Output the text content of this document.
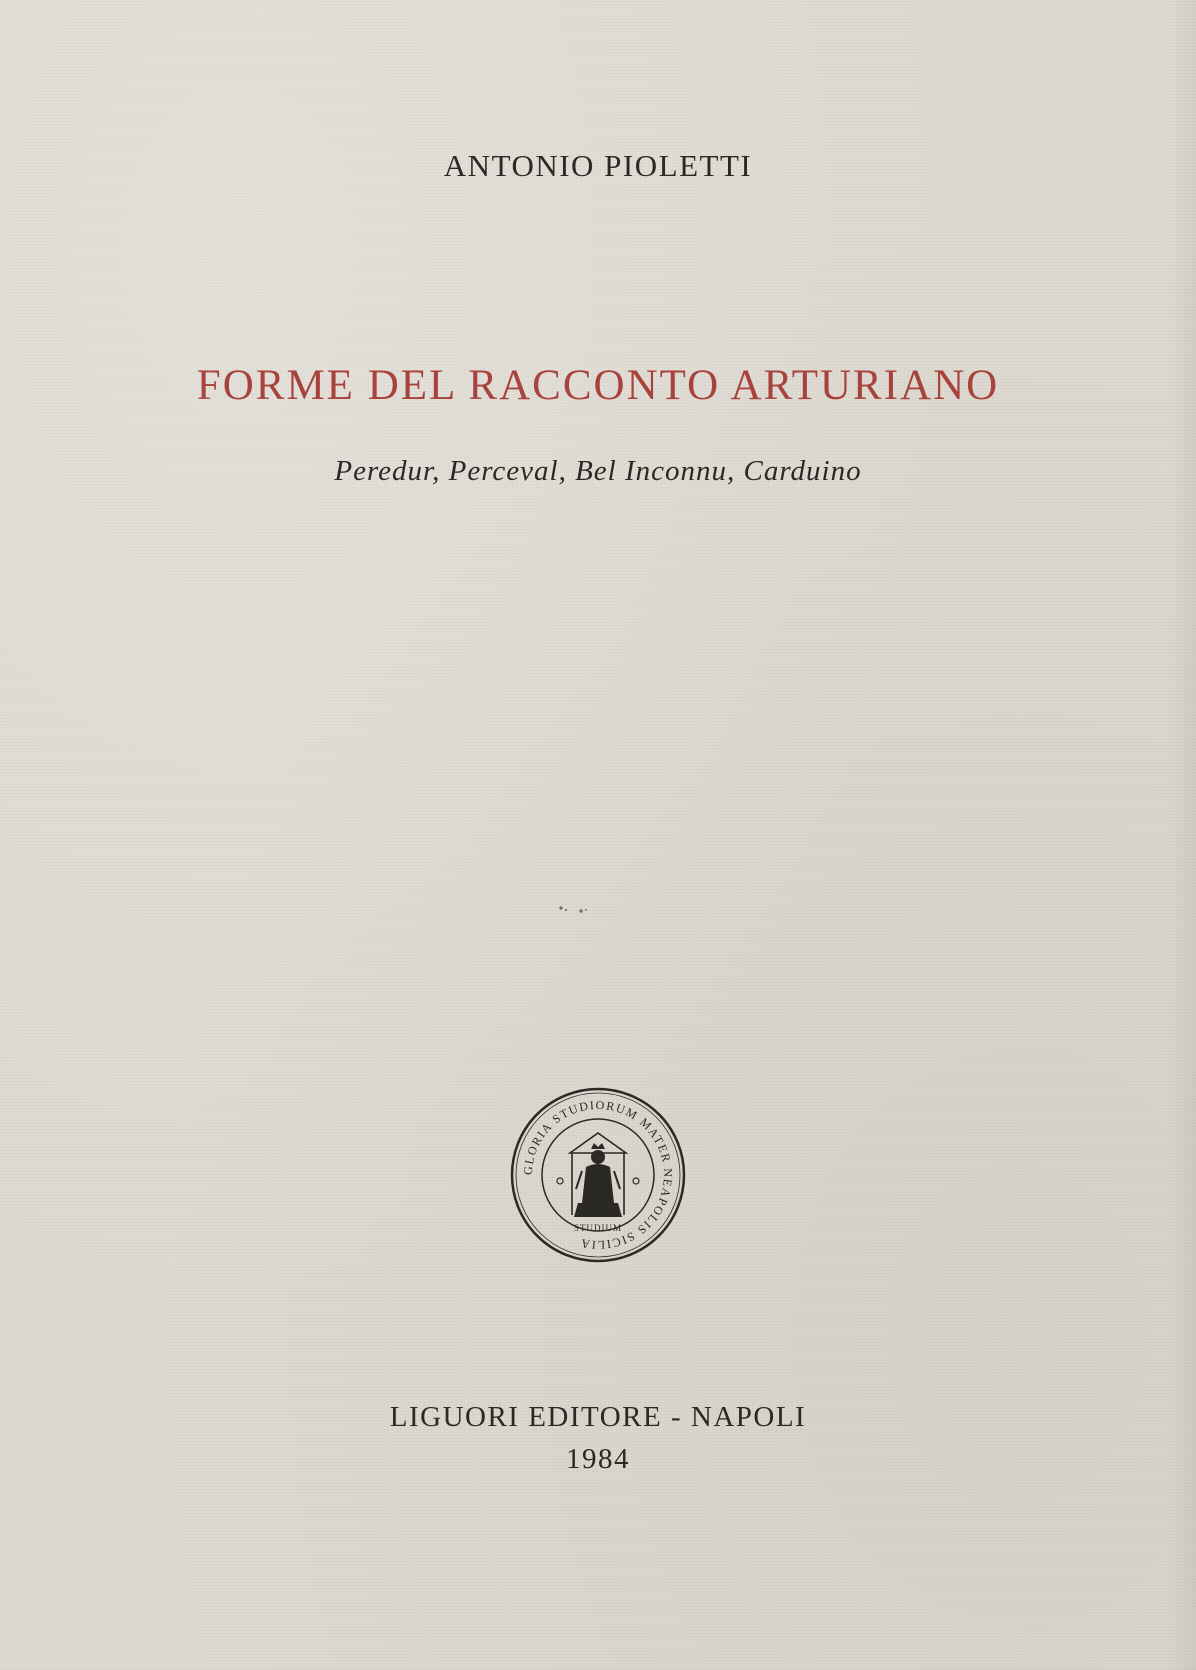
ANTONIO PIOLETTI
FORME DEL RACCONTO ARTURIANO
Peredur, Perceval, Bel Inconnu, Carduino
GLORIA STUDIORUM MATER NEAPOLIS SICILIA
STUDIUM
LIGUORI EDITORE - NAPOLI
1984
